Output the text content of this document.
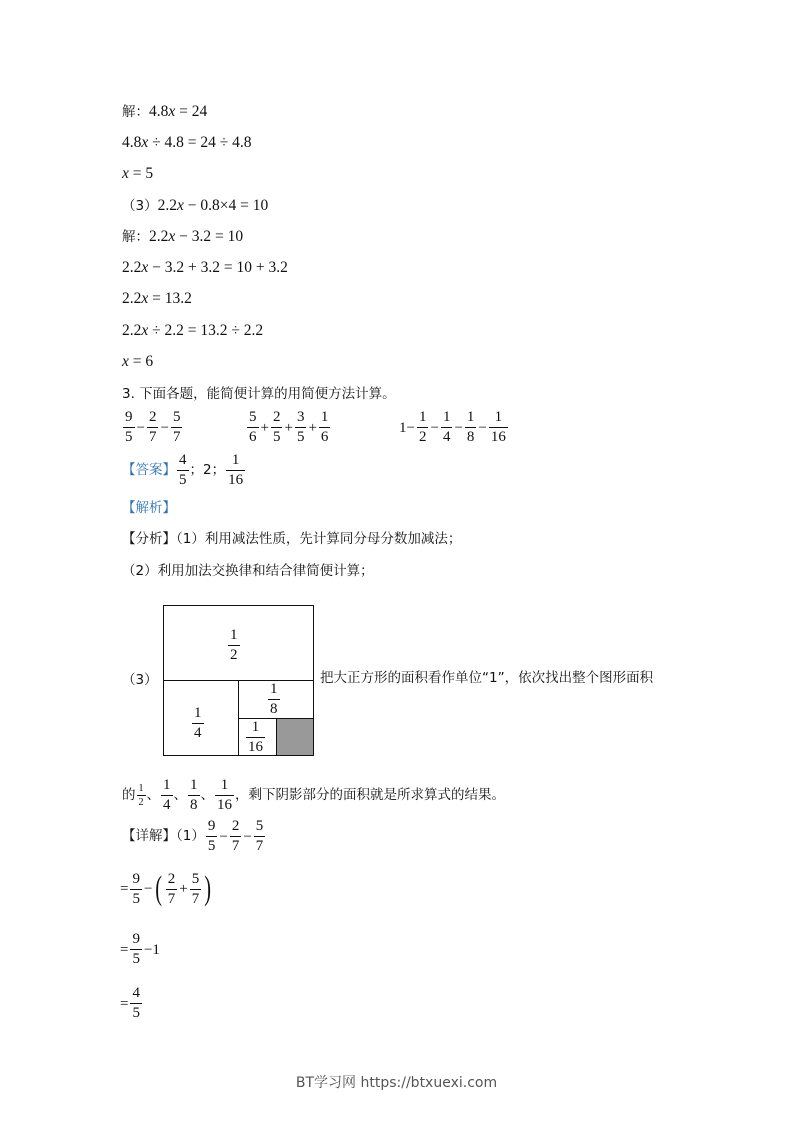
解：4.8x = 24
4.8x ÷ 4.8 = 24 ÷ 4.8
x = 5
（3）2.2x − 0.8×4 = 10
解：2.2x − 3.2 = 10
2.2x − 3.2 + 3.2 = 10 + 3.2
2.2x = 13.2
2.2x ÷ 2.2 = 13.2 ÷ 2.2
x = 6
3. 下面各题，能简便计算的用简便方法计算。
$\frac{9}{5} - \frac{2}{7} - \frac{5}{7}$	$\frac{5}{6} + \frac{2}{5} + \frac{3}{5} + \frac{1}{6}$	$1- \frac{1}{2} - \frac{1}{4} - \frac{1}{8} - \frac{1}{16}$
【答案】 $\frac{4}{5}$ ；2； $\frac{1}{16}$
【解析】
【分析】（1）利用减法性质，先计算同分母分数加减法；
（2）利用加法交换律和结合律简便计算；
（3）
$\frac{1}{2}$
$\frac{1}{4}$
$\frac{1}{8}$
$\frac{1}{16}$
把大正方形的面积看作单位“1”，依次找出整个图形面积
的 $\frac{1}{2}$ 、 $\frac{1}{4}$ 、 $\frac{1}{8}$ 、 $\frac{1}{16}$ ，剩下阴影部分的面积就是所求算式的结果。
【详解】$(1) \frac{9}{5} - \frac{2}{7} - \frac{5}{7}$
= $\frac{9}{5}$ −( $\frac{2}{7} + \frac{5}{7}$ )
= $\frac{9}{5} -1$
= $\frac{4}{5}$
BT学习网 https://btxuexi.com
